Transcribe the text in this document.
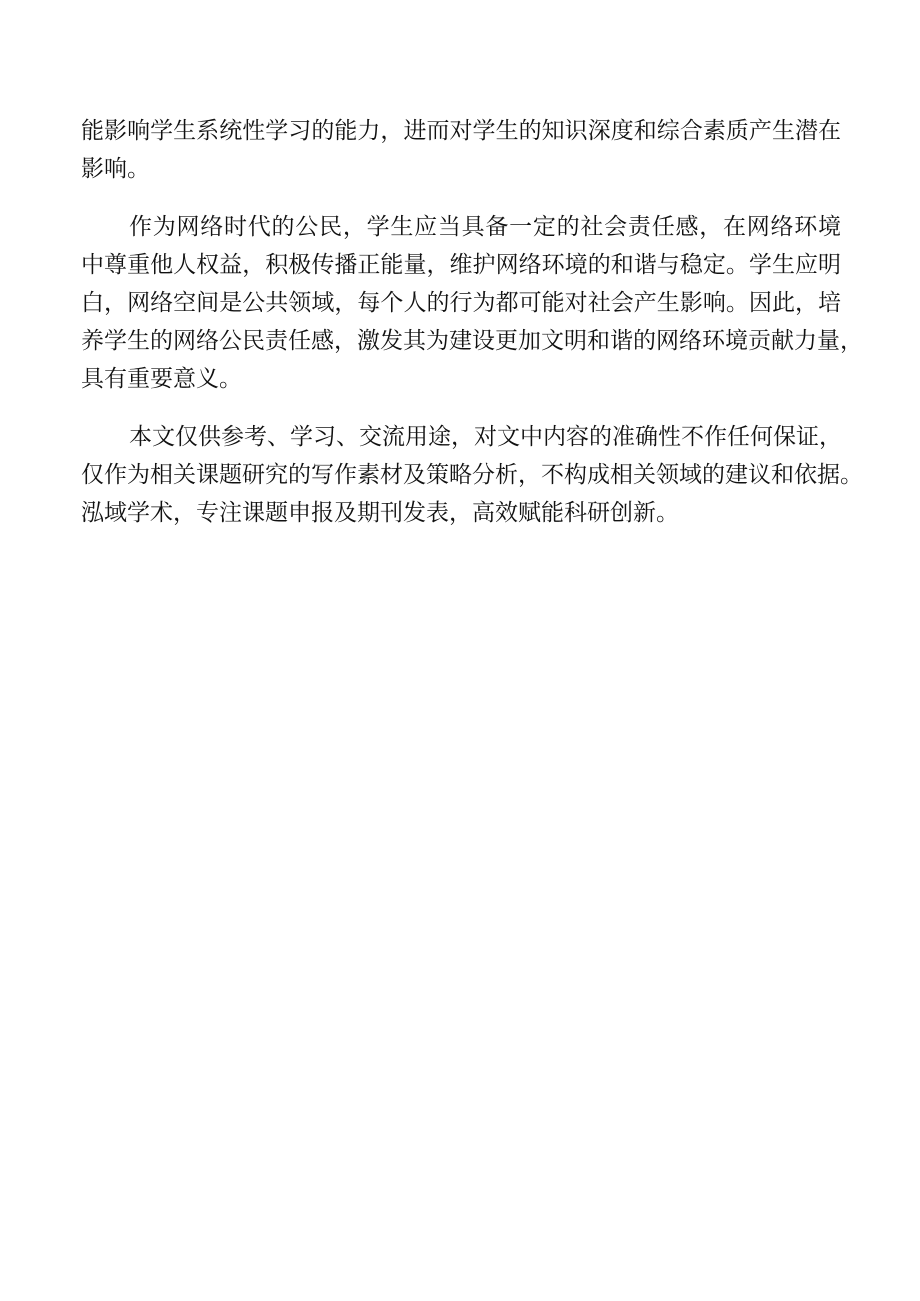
能影响学生系统性学习的能力，进而对学生的知识深度和综合素质产生潜在
影响。

作为网络时代的公民，学生应当具备一定的社会责任感，在网络环境
中尊重他人权益，积极传播正能量，维护网络环境的和谐与稳定。学生应明
白，网络空间是公共领域，每个人的行为都可能对社会产生影响。因此，培
养学生的网络公民责任感，激发其为建设更加文明和谐的网络环境贡献力量，
具有重要意义。

本文仅供参考、学习、交流用途，对文中内容的准确性不作任何保证，
仅作为相关课题研究的写作素材及策略分析，不构成相关领域的建议和依据。
泓域学术，专注课题申报及期刊发表，高效赋能科研创新。
